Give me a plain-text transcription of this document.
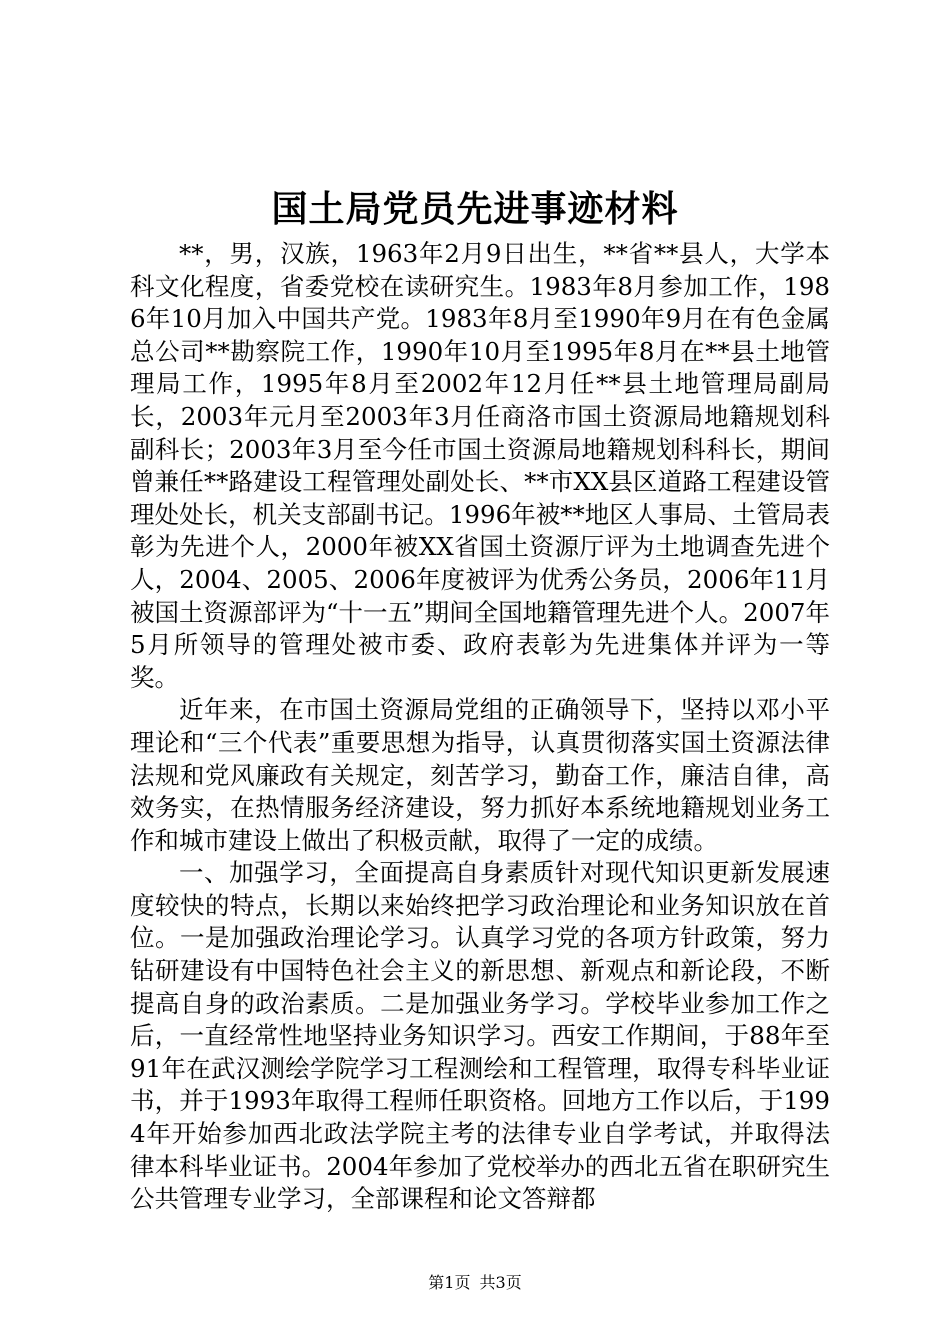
国土局党员先进事迹材料

**，男，汉族，1963年2月9日出生，**省**县人，大学本科文化程度，省委党校在读研究生。1983年8月参加工作，1986年10月加入中国共产党。1983年8月至1990年9月在有色金属总公司**勘察院工作，1990年10月至1995年8月在**县土地管理局工作，1995年8月至2002年12月任**县土地管理局副局长，2003年元月至2003年3月任商洛市国土资源局地籍规划科副科长；2003年3月至今任市国土资源局地籍规划科科长，期间曾兼任**路建设工程管理处副处长、**市XX县区道路工程建设管理处处长，机关支部副书记。1996年被**地区人事局、土管局表彰为先进个人，2000年被XX省国土资源厅评为土地调查先进个人，2004、2005、2006年度被评为优秀公务员，2006年11月被国土资源部评为“十一五”期间全国地籍管理先进个人。2007年5月所领导的管理处被市委、政府表彰为先进集体并评为一等奖。

近年来，在市国土资源局党组的正确领导下，坚持以邓小平理论和“三个代表”重要思想为指导，认真贯彻落实国土资源法律法规和党风廉政有关规定，刻苦学习，勤奋工作，廉洁自律，高效务实，在热情服务经济建设，努力抓好本系统地籍规划业务工作和城市建设上做出了积极贡献，取得了一定的成绩。

一、加强学习，全面提高自身素质针对现代知识更新发展速度较快的特点，长期以来始终把学习政治理论和业务知识放在首位。一是加强政治理论学习。认真学习党的各项方针政策，努力钻研建设有中国特色社会主义的新思想、新观点和新论段，不断提高自身的政治素质。二是加强业务学习。学校毕业参加工作之后，一直经常性地坚持业务知识学习。西安工作期间，于88年至91年在武汉测绘学院学习工程测绘和工程管理，取得专科毕业证书，并于1993年取得工程师任职资格。回地方工作以后，于1994年开始参加西北政法学院主考的法律专业自学考试，并取得法律本科毕业证书。2004年参加了党校举办的西北五省在职研究生公共管理专业学习，全部课程和论文答辩都

第1页 共3页
